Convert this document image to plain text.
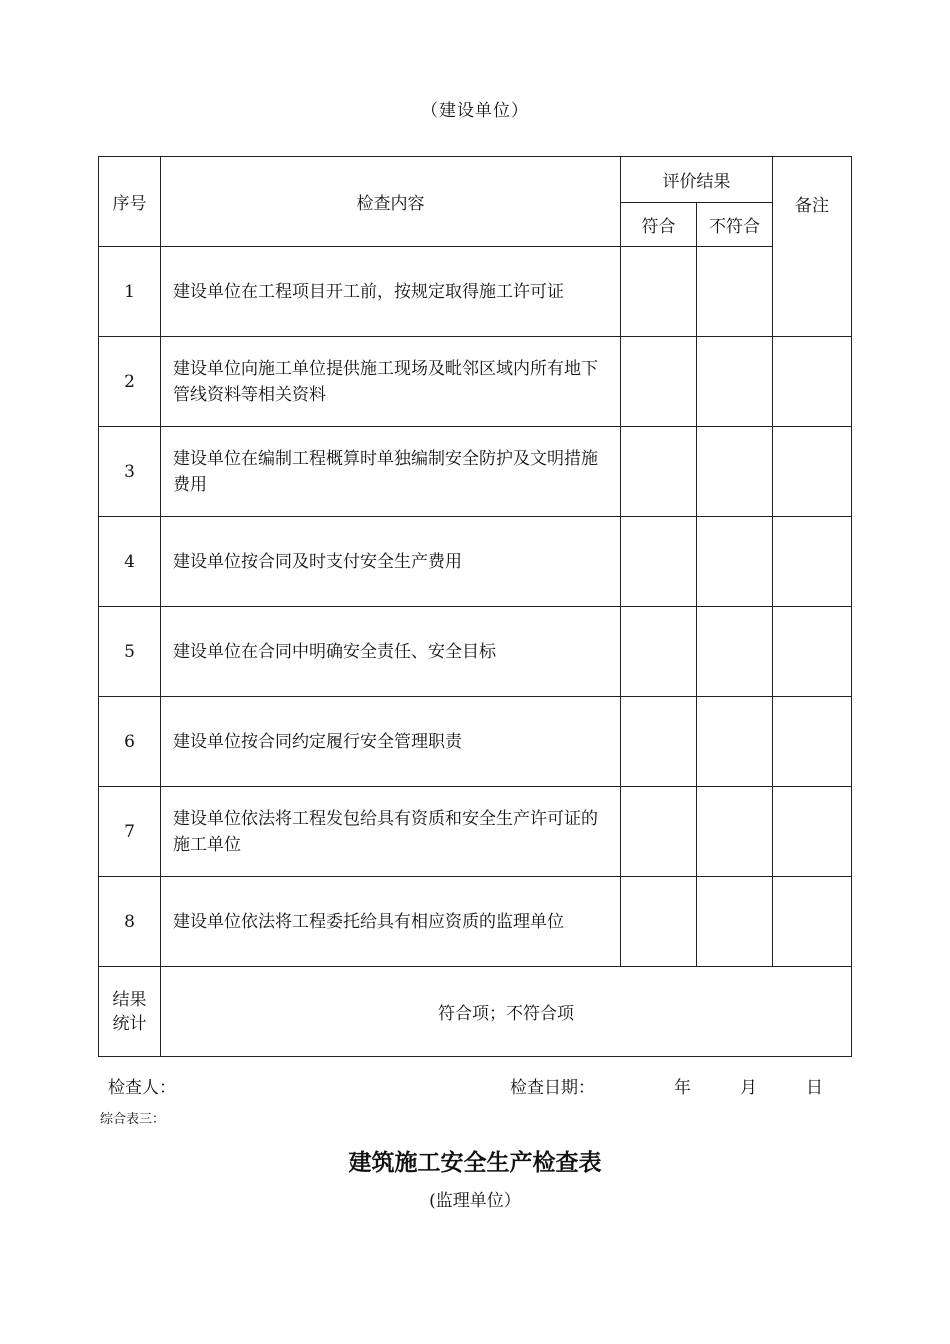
（建设单位）
序号	检查内容	评价结果		备注
		符合	不符合	
1	建设单位在工程项目开工前，按规定取得施工许可证			

2	建设单位向施工单位提供施工现场及毗邻区域内所有地下管线资料等相关资料			

3	建设单位在编制工程概算时单独编制安全防护及文明措施费用			

4	建设单位按合同及时支付安全生产费用			

5	建设单位在合同中明确安全责任、安全目标			

6	建设单位按合同约定履行安全管理职责			

7	建设单位依法将工程发包给具有资质和安全生产许可证的施工单位			

8	建设单位依法将工程委托给具有相应资质的监理单位			

结果
统计	符合项；不符合项			
检查人：	检查日期：	年	月	日
综合表三：
建筑施工安全生产检查表
(监理单位）
